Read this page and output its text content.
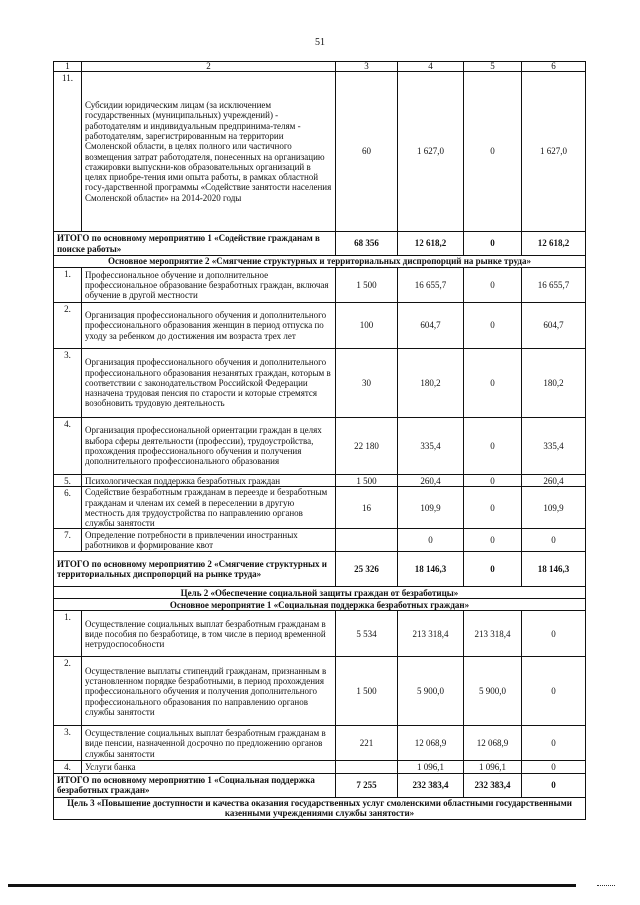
51
1	2	3	4	5	6
11.	Субсидии юридическим лицам (за исключением государственных (муниципальных) учреждений) - работодателям и индивидуальным предпринима-телям - работодателям, зарегистрированным на территории Смоленской области, в целях полного или частичного возмещения затрат работодателя, понесенных на организацию стажировки выпускни-ков образовательных организаций в целях приобре-тения ими опыта работы, в рамках областной госу-дарственной программы «Содействие занятости населения Смоленской области» на 2014-2020 годы	60	1 627,0	0	1 627,0
ИТОГО по основному мероприятию 1 «Содействие гражданам в поиске работы»		68 356	12 618,2	0	12 618,2
Основное мероприятие 2 «Смягчение структурных и территориальных диспропорций на рынке труда»					
1.	Профессиональное обучение и дополнительное профессиональное образование безработных граждан, включая обучение в другой местности	1 500	16 655,7	0	16 655,7
2.	Организация профессионального обучения и дополнительного профессионального образования женщин в период отпуска по уходу за ребенком до достижения им возраста трех лет	100	604,7	0	604,7
3.	Организация профессионального обучения и дополнительного профессионального образования незанятых граждан, которым в соответствии с законодательством Российской Федерации назначена трудовая пенсия по старости и которые стремятся возобновить трудовую деятельность	30	180,2	0	180,2
4.	Организация профессиональной ориентации граждан в целях выбора сферы деятельности (профессии), трудоустройства, прохождения профессионального обучения и получения дополнительного профессионального образования	22 180	335,4	0	335,4
5.	Психологическая поддержка безработных граждан	1 500	260,4	0	260,4
6.	Содействие безработным гражданам в переезде и безработным гражданам и членам их семей в переселении в другую местность для трудоустройства по направлению органов службы занятости	16	109,9	0	109,9
7.	Определение потребности в привлечении иностранных работников и формирование квот		0	0	0
ИТОГО по основному мероприятию 2 «Смягчение структурных и территориальных диспропорций на рынке труда»		25 326	18 146,3	0	18 146,3
Цель 2 «Обеспечение социальной защиты граждан от безработицы»					
Основное мероприятие 1 «Социальная поддержка безработных граждан»					
1.	Осуществление социальных выплат безработным гражданам в виде пособия по безработице, в том числе в период временной нетрудоспособности	5 534	213 318,4	213 318,4	0
2.	Осуществление выплаты стипендий гражданам, признанным в установленном порядке безработными, в период прохождения профессионального обучения и получения дополнительного профессионального образования по направлению органов службы занятости	1 500	5 900,0	5 900,0	0
3.	Осуществление социальных выплат безработным гражданам в виде пенсии, назначенной досрочно по предложению органов службы занятости	221	12 068,9	12 068,9	0
4.	Услуги банка		1 096,1	1 096,1	0
ИТОГО по основному мероприятию 1 «Социальная поддержка безработных граждан»		7 255	232 383,4	232 383,4	0
Цель 3 «Повышение доступности и качества оказания государственных услуг смоленскими областными государственными казенными учреждениями службы занятости»					
